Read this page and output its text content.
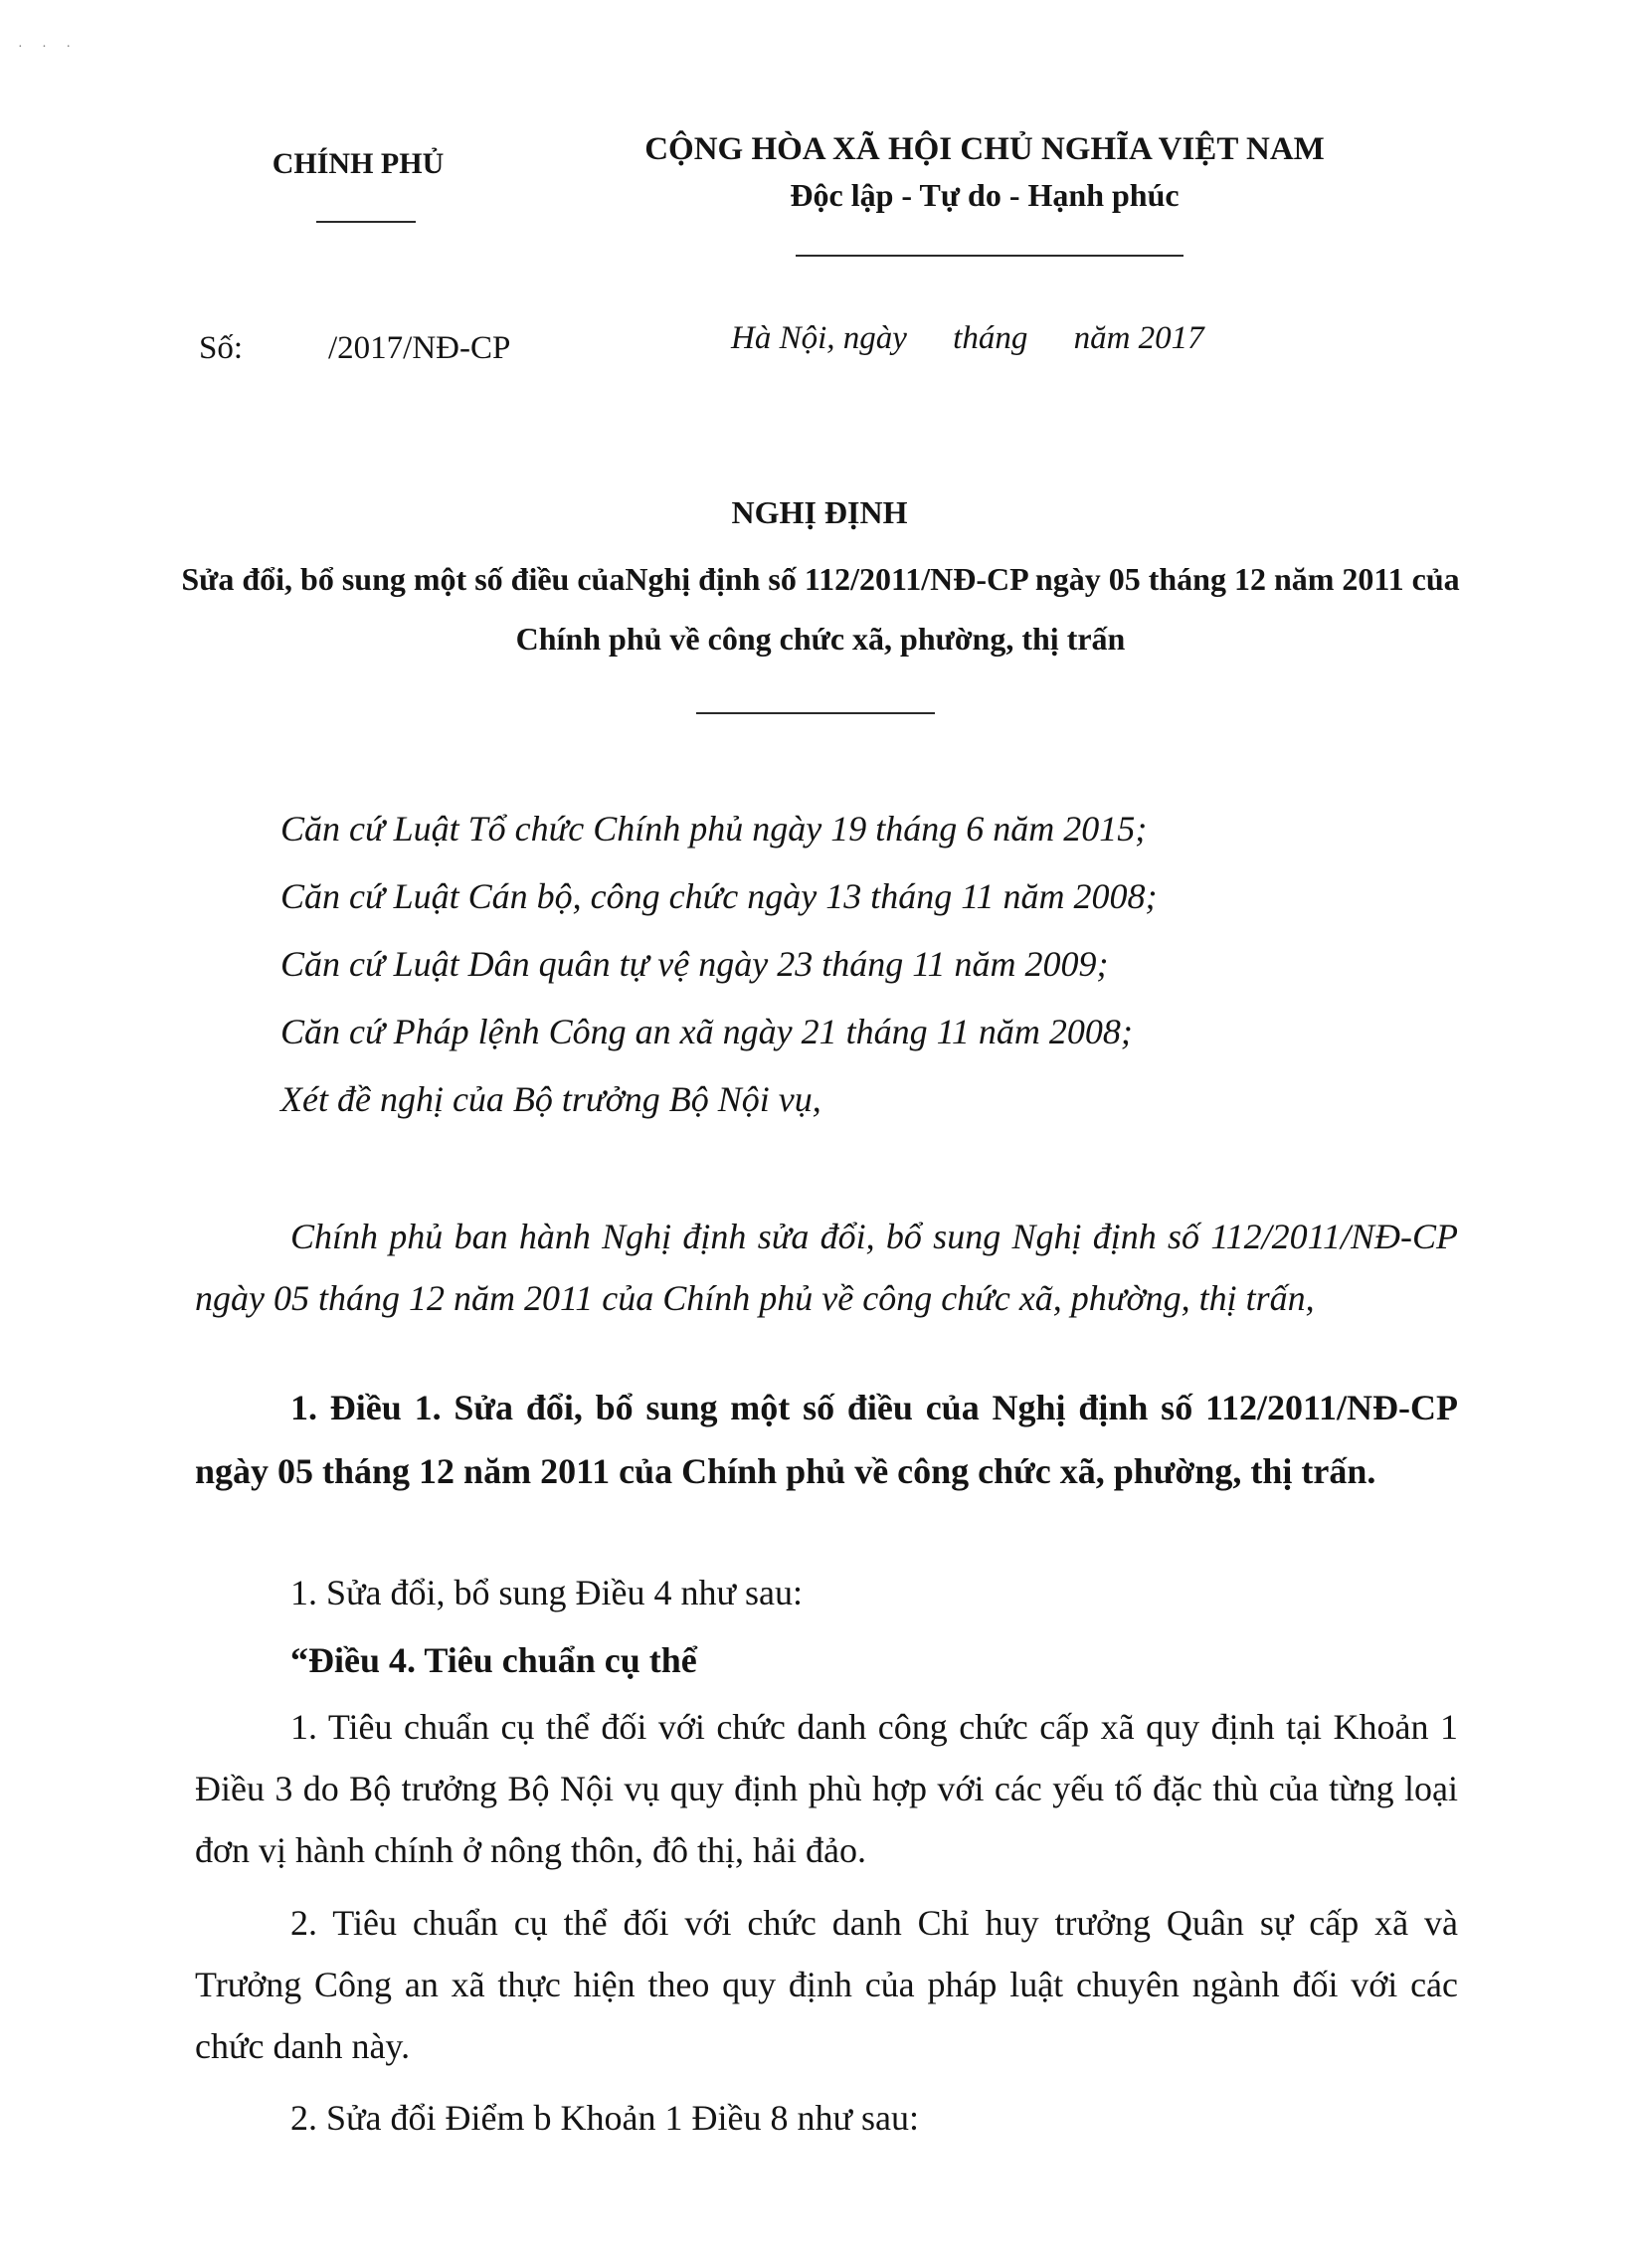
· · ·
CHÍNH PHỦ	CỘNG HÒA XÃ HỘI CHỦ NGHĨA VIỆT NAM
Độc lập - Tự do - Hạnh phúc
Số:	/2017/NĐ-CP	Hà Nội, ngày tháng năm 2017
NGHỊ ĐỊNH
Sửa đổi, bổ sung một số điều củaNghị định số 112/2011/NĐ-CP ngày 05 tháng 12 năm 2011 của Chính phủ về công chức xã, phường, thị trấn
Căn cứ Luật Tổ chức Chính phủ ngày 19 tháng 6 năm 2015;
Căn cứ Luật Cán bộ, công chức ngày 13 tháng 11 năm 2008;
Căn cứ Luật Dân quân tự vệ ngày 23 tháng 11 năm 2009;
Căn cứ Pháp lệnh Công an xã ngày 21 tháng 11 năm 2008;
Xét đề nghị của Bộ trưởng Bộ Nội vụ,
Chính phủ ban hành Nghị định sửa đổi, bổ sung Nghị định số 112/2011/NĐ-CP ngày 05 tháng 12 năm 2011 của Chính phủ về công chức xã, phường, thị trấn,
1. Điều 1. Sửa đổi, bổ sung một số điều của Nghị định số 112/2011/NĐ-CP ngày 05 tháng 12 năm 2011 của Chính phủ về công chức xã, phường, thị trấn.
1. Sửa đổi, bổ sung Điều 4 như sau:
“Điều 4. Tiêu chuẩn cụ thể
1. Tiêu chuẩn cụ thể đối với chức danh công chức cấp xã quy định tại Khoản 1 Điều 3 do Bộ trưởng Bộ Nội vụ quy định phù hợp với các yếu tố đặc thù của từng loại đơn vị hành chính ở nông thôn, đô thị, hải đảo.
2. Tiêu chuẩn cụ thể đối với chức danh Chỉ huy trưởng Quân sự cấp xã và Trưởng Công an xã thực hiện theo quy định của pháp luật chuyên ngành đối với các chức danh này.
2. Sửa đổi Điểm b Khoản 1 Điều 8 như sau:
